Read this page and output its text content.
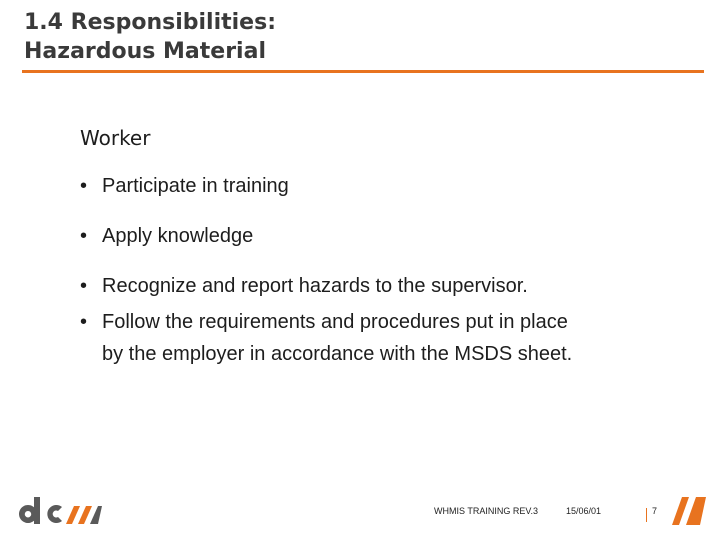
1.4 Responsibilities:
Hazardous Material
Worker
• Participate in training
• Apply knowledge
• Recognize and report hazards to the supervisor.
• Follow the requirements and procedures put in place
by the employer in accordance with the MSDS sheet.
WHMIS TRAINING REV.3	15/06/01	7
